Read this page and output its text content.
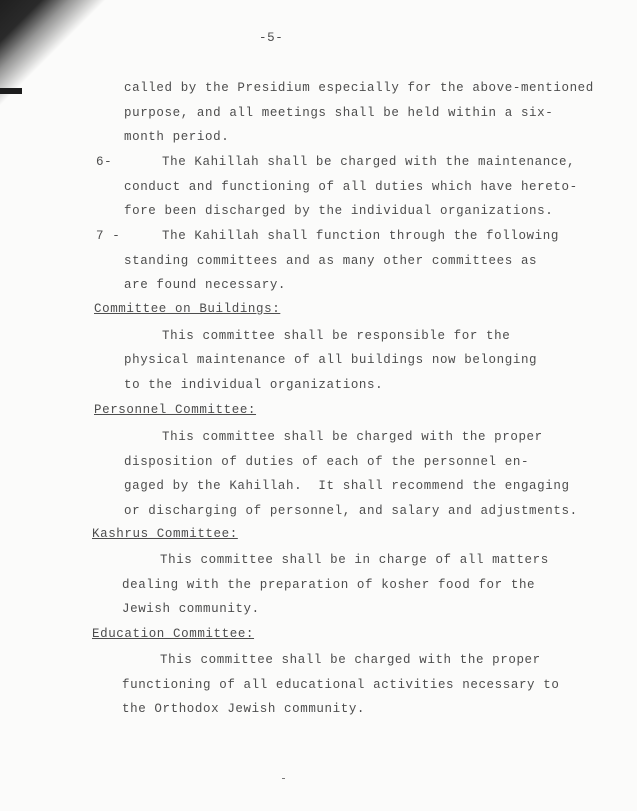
-5-
called by the Presidium especially for the above-mentioned
purpose, and all meetings shall be held within a six-
month period.
6-	The Kahillah shall be charged with the maintenance,
conduct and functioning of all duties which have hereto-
fore been discharged by the individual organizations.
7 -	The Kahillah shall function through the following
standing committees and as many other committees as
are found necessary.
Committee on Buildings:
This committee shall be responsible for the
physical maintenance of all buildings now belonging
to the individual organizations.
Personnel Committee:
This committee shall be charged with the proper
disposition of duties of each of the personnel en-
gaged by the Kahillah.  It shall recommend the engaging
or discharging of personnel, and salary and adjustments.
Kashrus Committee:
This committee shall be in charge of all matters
dealing with the preparation of kosher food for the
Jewish community.
Education Committee:
This committee shall be charged with the proper
functioning of all educational activities necessary to
the Orthodox Jewish community.
